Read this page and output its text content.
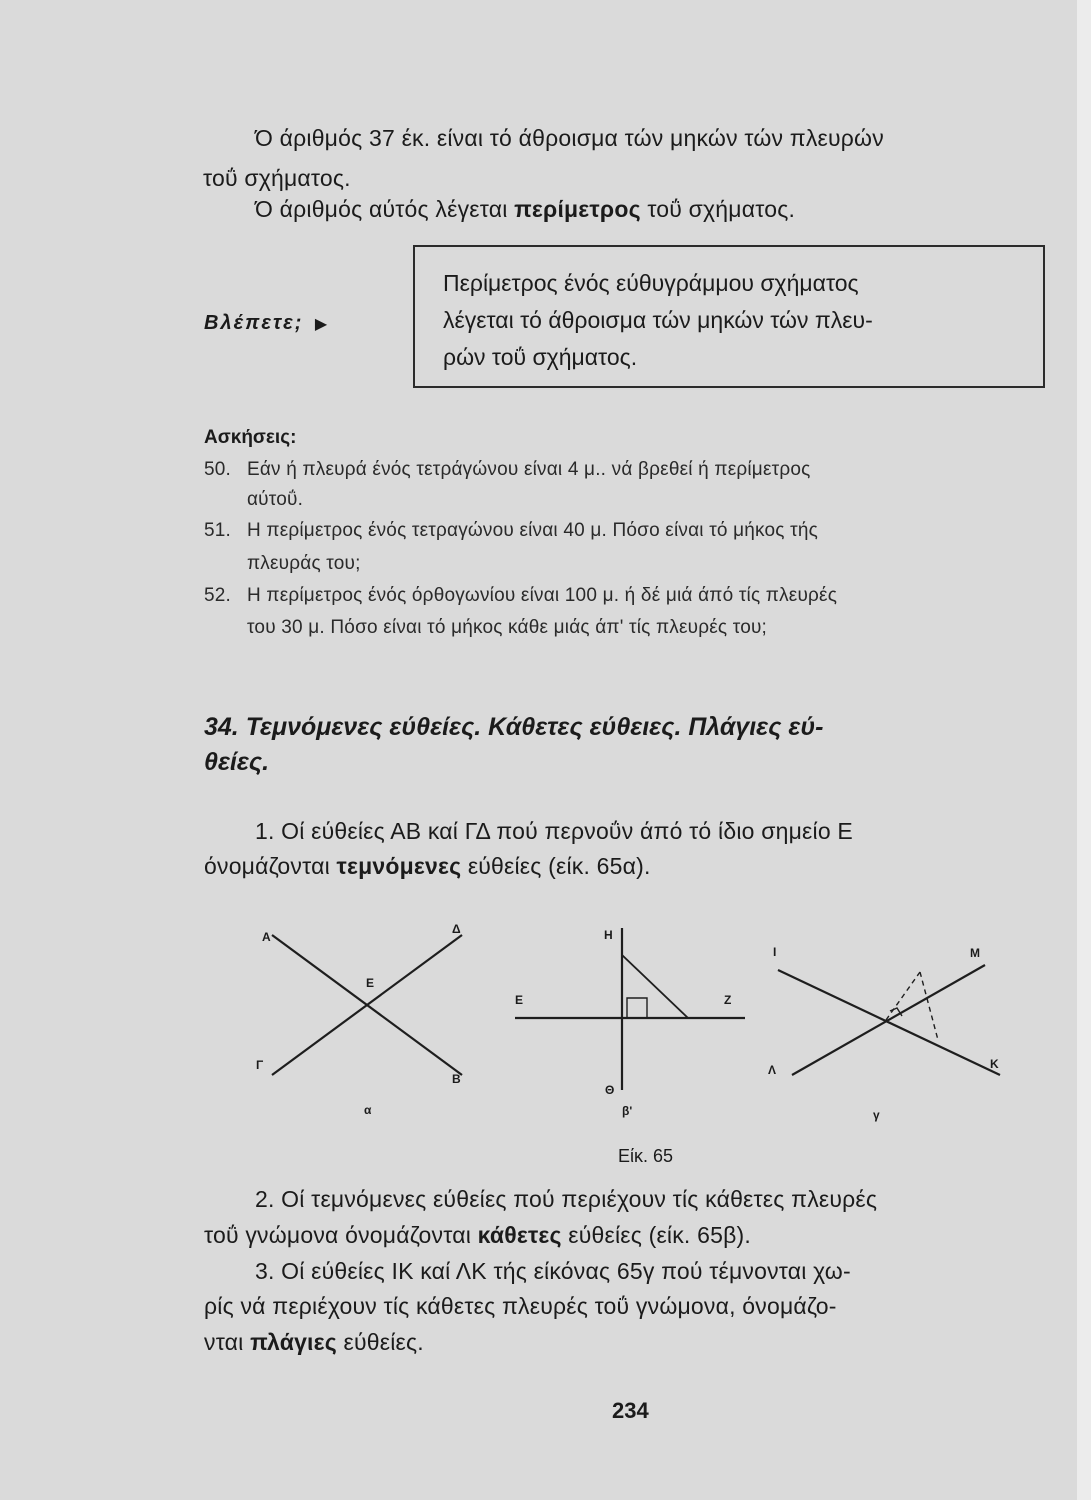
Ό άριθμός 37 έκ. είναι τό άθροισμα τών μηκών τών πλευρών
τοΰ σχήματος.
Ό άριθμός αύτός λέγεται περίμετρος τοΰ σχήματος.
Βλέπετε; ▶
Περίμετρος ένός εύθυγράμμου σχήματος
λέγεται τό άθροισμα τών μηκών τών πλευ-
ρών τοΰ σχήματος.
Ασκήσεις:
50. Εάν ή πλευρά ένός τετράγώνου είναι 4 μ.. νά βρεθεί ή περίμετρος
αύτοΰ.
51. Η περίμετρος ένός τετραγώνου είναι 40 μ. Πόσο είναι τό μήκος τής
πλευράς του;
52. Η περίμετρος ένός όρθογωνίου είναι 100 μ. ή δέ μιά άπό τίς πλευρές
του 30 μ. Πόσο είναι τό μήκος κάθε μιάς άπ' τίς πλευρές του;
34. Τεμνόμενες εύθείες. Κάθετες εύθειες. Πλάγιες εύ-
θείες.
1. Οί εύθείες ΑΒ καί ΓΔ πού περνοΰν άπό τό ίδιο σημείο Ε
όνομάζονται τεμνόμενες εύθείες (είκ. 65α).
Α
Δ
Ε
Γ
Β
α
Η
Ε	Ζ
Θ
β'
Ι	Μ
Λ	Κ
γ
Είκ. 65
2. Οί τεμνόμενες εύθείες πού περιέχουν τίς κάθετες πλευρές
τοΰ γνώμονα όνομάζονται κάθετες εύθείες (είκ. 65β).
3. Οί εύθείες ΙΚ καί ΛΚ τής είκόνας 65γ πού τέμνονται χω-
ρίς νά περιέχουν τίς κάθετες πλευρές τοΰ γνώμονα, όνομάζο-
νται πλάγιες εύθείες.
234
